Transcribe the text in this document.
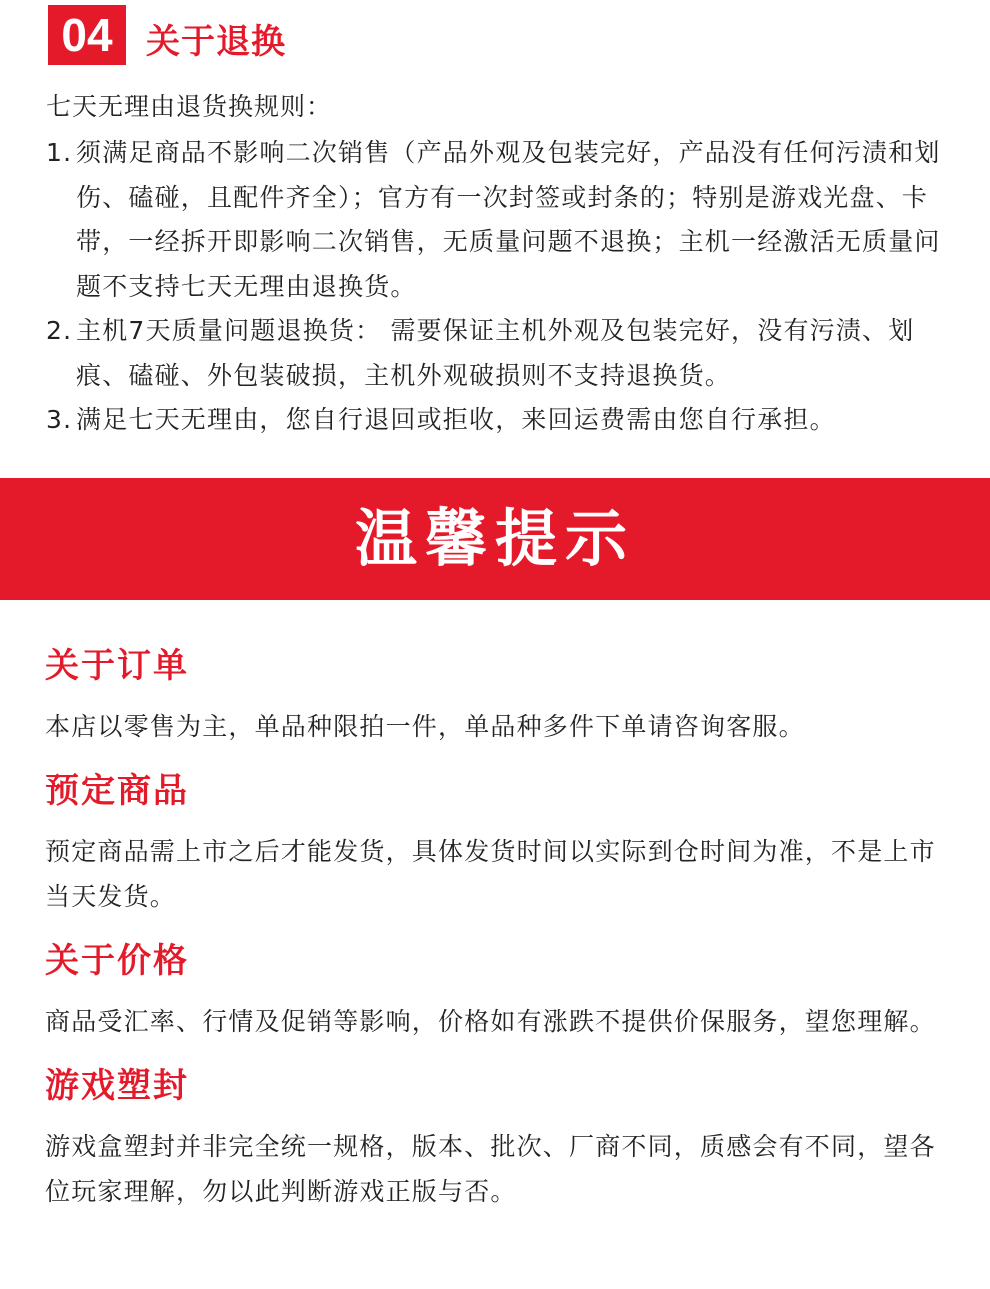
04 关于退换
七天无理由退货换规则：
1. 须满足商品不影响二次销售（产品外观及包装完好，产品没有任何污渍和划伤、磕碰，且配件齐全）；官方有一次封签或封条的；特别是游戏光盘、卡带，一经拆开即影响二次销售，无质量问题不退换；主机一经激活无质量问题不支持七天无理由退换货。
2. 主机7天质量问题退换货： 需要保证主机外观及包装完好，没有污渍、划痕、磕碰、外包装破损，主机外观破损则不支持退换货。
3. 满足七天无理由，您自行退回或拒收，来回运费需由您自行承担。
温馨提示
关于订单

本店以零售为主，单品种限拍一件，单品种多件下单请咨询客服。

预定商品

预定商品需上市之后才能发货，具体发货时间以实际到仓时间为准，不是上市当天发货。

关于价格

商品受汇率、行情及促销等影响，价格如有涨跌不提供价保服务，望您理解。

游戏塑封

游戏盒塑封并非完全统一规格，版本、批次、厂商不同，质感会有不同，望各位玩家理解，勿以此判断游戏正版与否。
